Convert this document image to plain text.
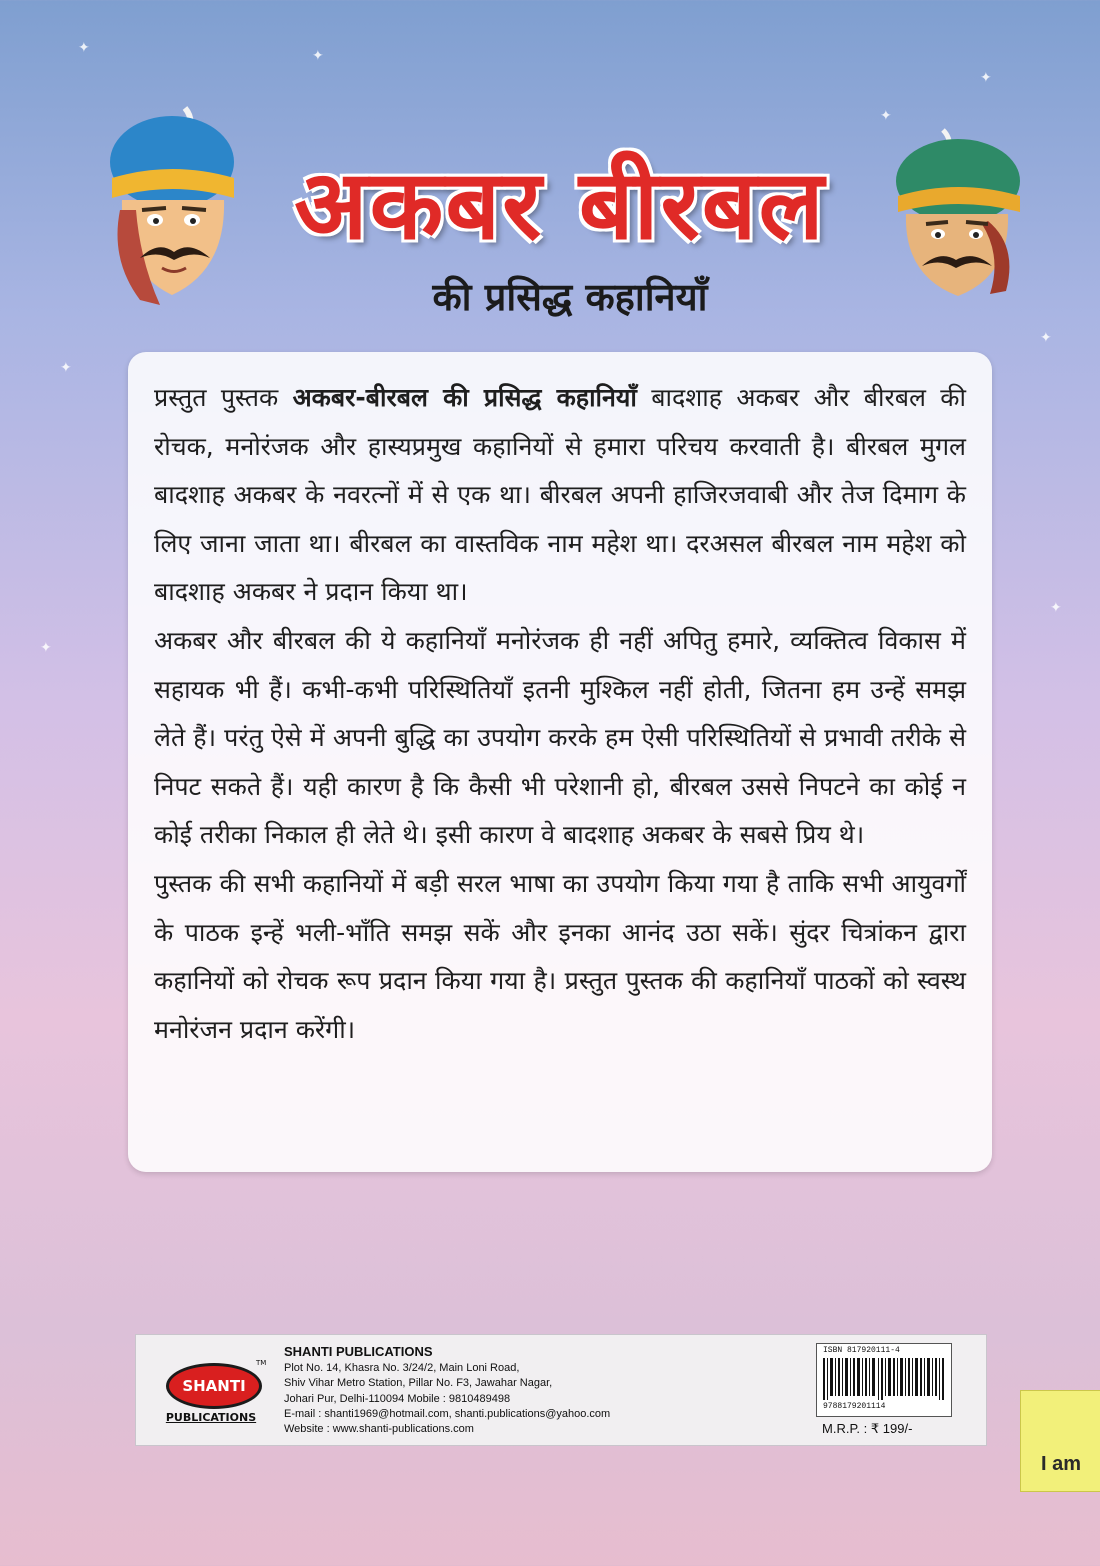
✦	✦
✦
✦
✦
✦
✦
✦
अकबर बीरबल
की प्रसिद्ध कहानियाँ

प्रस्तुत पुस्तक अकबर-बीरबल की प्रसिद्ध कहानियाँ बादशाह अकबर और बीरबल की रोचक, मनोरंजक और हास्यप्रमुख कहानियों से हमारा परिचय करवाती है। बीरबल मुगल बादशाह अकबर के नवरत्नों में से एक था। बीरबल अपनी हाजिरजवाबी और तेज दिमाग के लिए जाना जाता था। बीरबल का वास्तविक नाम महेश था। दरअसल बीरबल नाम महेश को बादशाह अकबर ने प्रदान किया था।

अकबर और बीरबल की ये कहानियाँ मनोरंजक ही नहीं अपितु हमारे, व्यक्तित्व विकास में सहायक भी हैं। कभी-कभी परिस्थितियाँ इतनी मुश्किल नहीं होती, जितना हम उन्हें समझ लेते हैं। परंतु ऐसे में अपनी बुद्धि का उपयोग करके हम ऐसी परिस्थितियों से प्रभावी तरीके से निपट सकते हैं। यही कारण है कि कैसी भी परेशानी हो, बीरबल उससे निपटने का कोई न कोई तरीका निकाल ही लेते थे। इसी कारण वे बादशाह अकबर के सबसे प्रिय थे।

पुस्तक की सभी कहानियों में बड़ी सरल भाषा का उपयोग किया गया है ताकि सभी आयुवर्गों के पाठक इन्हें भली-भाँति समझ सकें और इनका आनंद उठा सकें। सुंदर चित्रांकन द्वारा कहानियों को रोचक रूप प्रदान किया गया है। प्रस्तुत पुस्तक की कहानियाँ पाठकों को स्वस्थ मनोरंजन प्रदान करेंगी।

SHANTI
TM
PUBLICATIONS
SHANTI PUBLICATIONS
Plot No. 14, Khasra No. 3/24/2, Main Loni Road,
Shiv Vihar Metro Station, Pillar No. F3, Jawahar Nagar,
Johari Pur, Delhi-110094 Mobile : 9810489498
E-mail : shanti1969@hotmail.com, shanti.publications@yahoo.com
Website : www.shanti-publications.com
ISBN 817920111-4
9788179201114
M.R.P. : ₹ 199/-
I am
